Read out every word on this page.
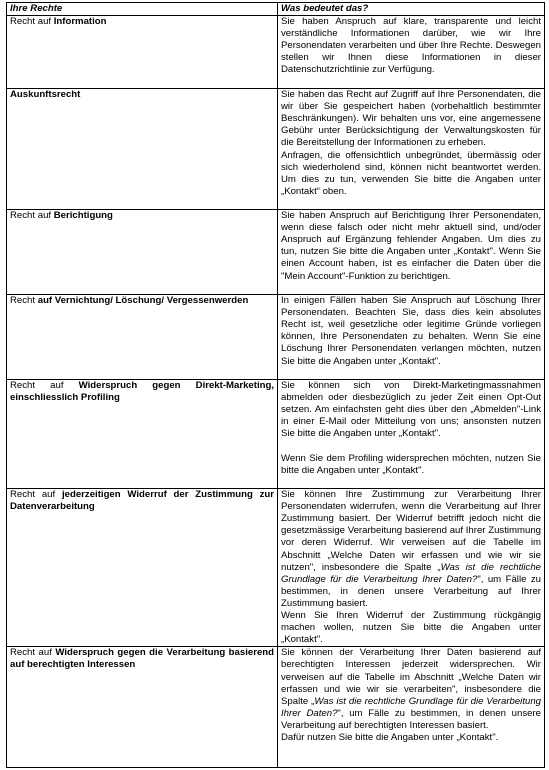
Ihre Rechte	Was bedeutet das?
Recht auf Information	Sie haben Anspruch auf klare, transparente und leicht verständliche Informationen darüber, wie wir Ihre Personendaten verarbeiten und über Ihre Rechte. Deswegen stellen wir Ihnen diese Informationen in dieser Datenschutzrichtlinie zur Verfügung.

Auskunftsrecht	Sie haben das Recht auf Zugriff auf Ihre Personendaten, die wir über Sie gespeichert haben (vorbehaltlich bestimmter Beschränkungen). Wir behalten uns vor, eine angemessene Gebühr unter Berücksichtigung der Verwaltungskosten für die Bereitstellung der Informationen zu erheben.
Anfragen, die offensichtlich unbegründet, übermässig oder sich wiederholend sind, können nicht beantwortet werden. Um dies zu tun, verwenden Sie bitte die Angaben unter „Kontakt“ oben.

Recht auf Berichtigung	Sie haben Anspruch auf Berichtigung Ihrer Personendaten, wenn diese falsch oder nicht mehr aktuell sind, und/oder Anspruch auf Ergänzung fehlender Angaben. Um dies zu tun, nutzen Sie bitte die Angaben unter „Kontakt". Wenn Sie einen Account haben, ist es einfacher die Daten über die "Mein Account"-Funktion zu berichtigen.

Recht auf Vernichtung/ Löschung/ Vergessenwerden	In einigen Fällen haben Sie Anspruch auf Löschung Ihrer Personendaten. Beachten Sie, dass dies kein absolutes Recht ist, weil gesetzliche oder legitime Gründe vorliegen können, Ihre Personendaten zu behalten. Wenn Sie eine Löschung Ihrer Personendaten verlangen möchten, nutzen Sie bitte die Angaben unter „Kontakt".

Recht auf Widerspruch gegen Direkt-Marketing, einschliesslich Profiling	Sie können sich von Direkt-Marketingmassnahmen abmelden oder diesbezüglich zu jeder Zeit einen Opt-Out setzen. Am einfachsten geht dies über den „Abmelden"-Link in einer E-Mail oder Mitteilung von uns; ansonsten nutzen Sie bitte die Angaben unter „Kontakt".

Wenn Sie dem Profiling widersprechen möchten, nutzen Sie bitte die Angaben unter „Kontakt".

Recht auf jederzeitigen Widerruf der Zustimmung zur Datenverarbeitung	Sie können Ihre Zustimmung zur Verarbeitung Ihrer Personendaten widerrufen, wenn die Verarbeitung auf Ihrer Zustimmung basiert. Der Widerruf betrifft jedoch nicht die gesetzmässige Verarbeitung basierend auf Ihrer Zustimmung vor deren Widerruf. Wir verweisen auf die Tabelle im Abschnitt „Welche Daten wir erfassen und wie wir sie nutzen", insbesondere die Spalte „Was ist die rechtliche Grundlage für die Verarbeitung Ihrer Daten?", um Fälle zu bestimmen, in denen unsere Verarbeitung auf Ihrer Zustimmung basiert.
Wenn Sie Ihren Widerruf der Zustimmung rückgängig machen wollen, nutzen Sie bitte die Angaben unter „Kontakt".

Recht auf Widerspruch gegen die Verarbeitung basierend auf berechtigten Interessen	Sie können der Verarbeitung Ihrer Daten basierend auf berechtigten Interessen jederzeit widersprechen. Wir verweisen auf die Tabelle im Abschnitt „Welche Daten wir erfassen und wie wir sie verarbeiten", insbesondere die Spalte „Was ist die rechtliche Grundlage für die Verarbeitung Ihrer Daten?", um Fälle zu bestimmen, in denen unsere Verarbeitung auf berechtigten Interessen basiert.
Dafür nutzen Sie bitte die Angaben unter „Kontakt".
